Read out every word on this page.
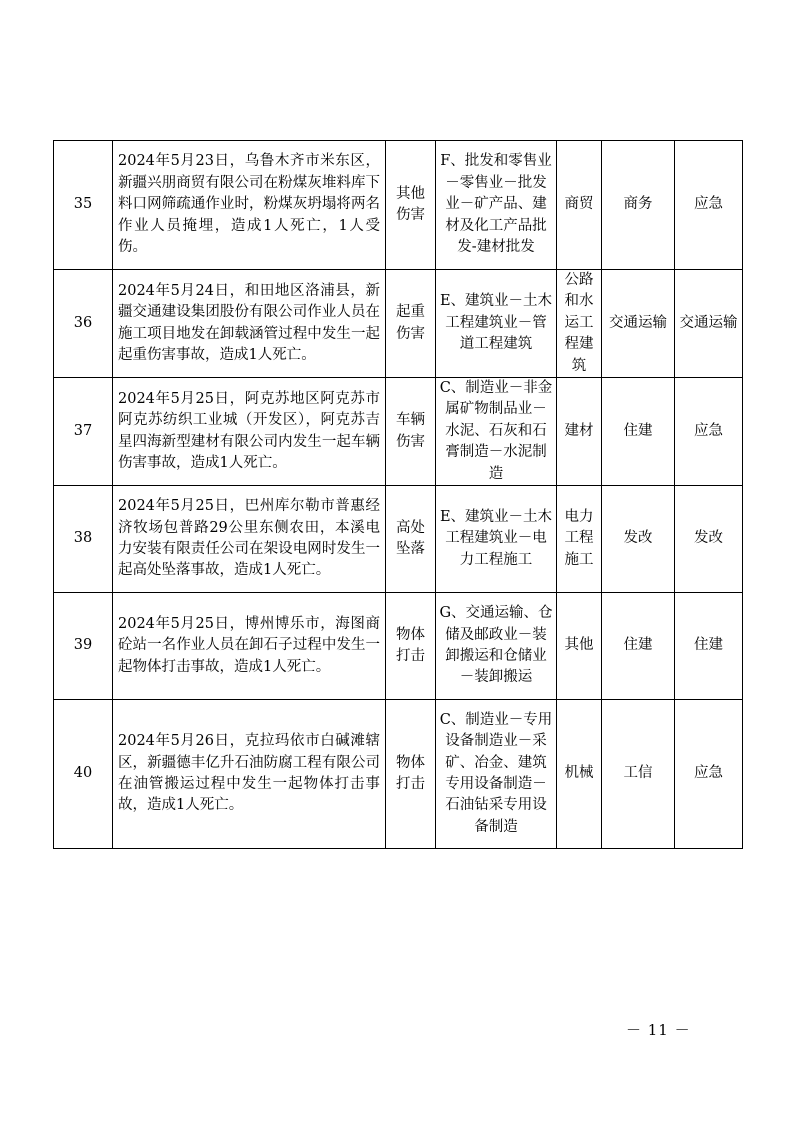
35	2024年5月23日，乌鲁木齐市米东区，新疆兴朋商贸有限公司在粉煤灰堆料库下料口网筛疏通作业时，粉煤灰坍塌将两名作业人员掩埋，造成1人死亡，1人受伤。	其他伤害	F、批发和零售业－零售业－批发业－矿产品、建材及化工产品批发-建材批发	商贸	商务	应急
36	2024年5月24日，和田地区洛浦县，新疆交通建设集团股份有限公司作业人员在施工项目地发在卸载涵管过程中发生一起起重伤害事故，造成1人死亡。	起重伤害	E、建筑业－土木工程建筑业－管道工程建筑	公路和水运工程建筑	交通运输	交通运输
37	2024年5月25日，阿克苏地区阿克苏市阿克苏纺织工业城（开发区），阿克苏吉星四海新型建材有限公司内发生一起车辆伤害事故，造成1人死亡。	车辆伤害	C、制造业－非金属矿物制品业－水泥、石灰和石膏制造－水泥制造	建材	住建	应急
38	2024年5月25日，巴州库尔勒市普惠经济牧场包普路29公里东侧农田，本溪电力安装有限责任公司在架设电网时发生一起高处坠落事故，造成1人死亡。	高处坠落	E、建筑业－土木工程建筑业－电力工程施工	电力工程施工	发改	发改
39	2024年5月25日，博州博乐市，海图商砼站一名作业人员在卸石子过程中发生一起物体打击事故，造成1人死亡。	物体打击	G、交通运输、仓储及邮政业－装卸搬运和仓储业－装卸搬运	其他	住建	住建
40	2024年5月26日，克拉玛依市白碱滩辖区，新疆德丰亿升石油防腐工程有限公司在油管搬运过程中发生一起物体打击事故，造成1人死亡。	物体打击	C、制造业－专用设备制造业－采矿、冶金、建筑专用设备制造－石油钻采专用设备制造	机械	工信	应急
－ 11 －
